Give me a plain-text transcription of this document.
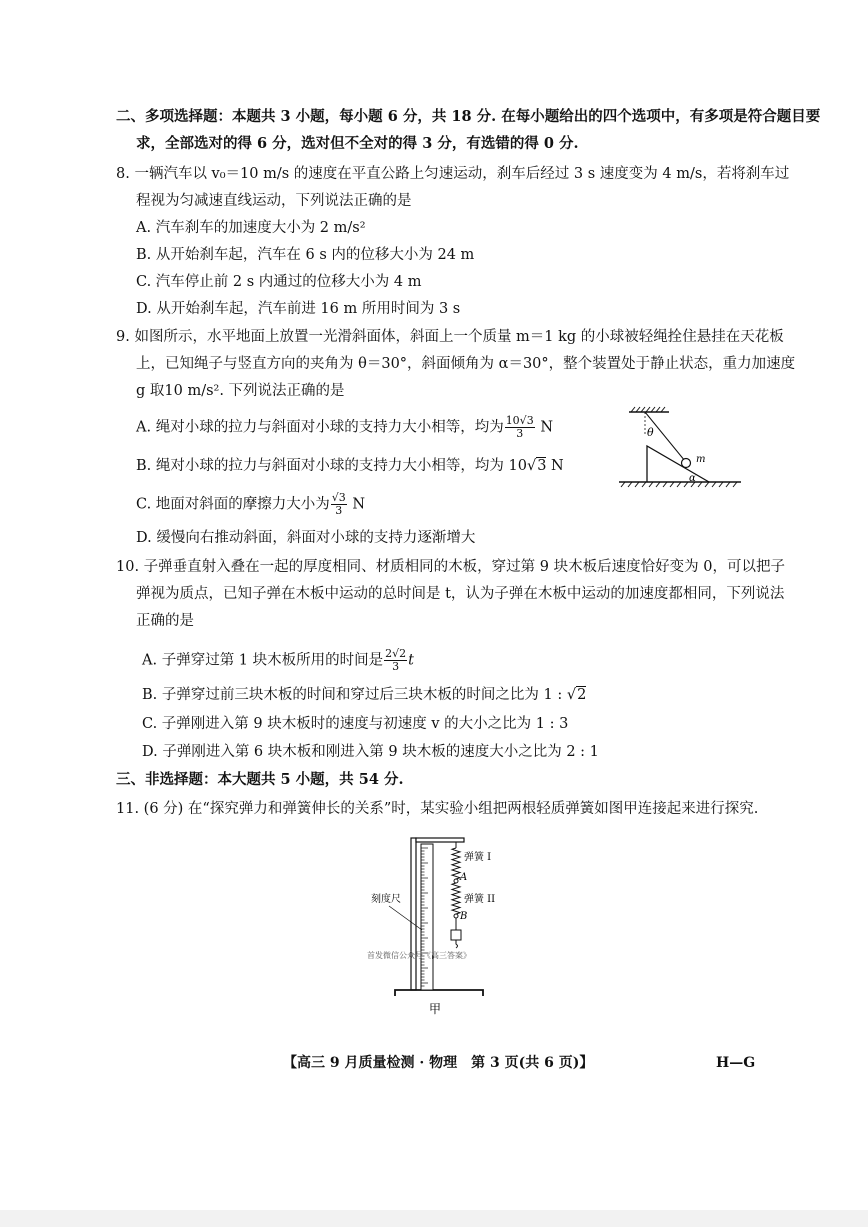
二、多项选择题：本题共 3 小题，每小题 6 分，共 18 分. 在每小题给出的四个选项中，有多项是符合题目要
求，全部选对的得 6 分，选对但不全对的得 3 分，有选错的得 0 分.
8. 一辆汽车以 v₀＝10 m/s 的速度在平直公路上匀速运动，刹车后经过 3 s 速度变为 4 m/s，若将刹车过
程视为匀减速直线运动，下列说法正确的是
A. 汽车刹车的加速度大小为 2 m/s²
B. 从开始刹车起，汽车在 6 s 内的位移大小为 24 m
C. 汽车停止前 2 s 内通过的位移大小为 4 m
D. 从开始刹车起，汽车前进 16 m 所用时间为 3 s
9. 如图所示，水平地面上放置一光滑斜面体，斜面上一个质量 m＝1 kg 的小球被轻绳拴住悬挂在天花板
上，已知绳子与竖直方向的夹角为 θ＝30°，斜面倾角为 α＝30°，整个装置处于静止状态，重力加速度
g 取10 m/s². 下列说法正确的是
A. 绳对小球的拉力与斜面对小球的支持力大小相等，均为 $\frac{10√3}{3}$ N
B. 绳对小球的拉力与斜面对小球的支持力大小相等，均为 10√3 N
C. 地面对斜面的摩擦力大小为 $\frac{√3}{3}$ N
D. 缓慢向右推动斜面，斜面对小球的支持力逐渐增大
θ
m
α
10. 子弹垂直射入叠在一起的厚度相同、材质相同的木板，穿过第 9 块木板后速度恰好变为 0，可以把子
弹视为质点，已知子弹在木板中运动的总时间是 t，认为子弹在木板中运动的加速度都相同，下列说法
正确的是
A. 子弹穿过第 1 块木板所用的时间是 $\frac{2√2}{3}$ t
B. 子弹穿过前三块木板的时间和穿过后三块木板的时间之比为 1 : √2
C. 子弹刚进入第 9 块木板时的速度与初速度 v 的大小之比为 1 : 3
D. 子弹刚进入第 6 块木板和刚进入第 9 块木板的速度大小之比为 2 : 1
三、非选择题：本大题共 5 小题，共 54 分.
11. (6 分) 在“探究弹力和弹簧伸长的关系”时，某实验小组把两根轻质弹簧如图甲连接起来进行探究.
弹簧 I
A
弹簧 II
B
刻度尺
首发微信公众号《高三答案》
甲
【高三 9 月质量检测 · 物理　第 3 页(共 6 页)】	H—G
